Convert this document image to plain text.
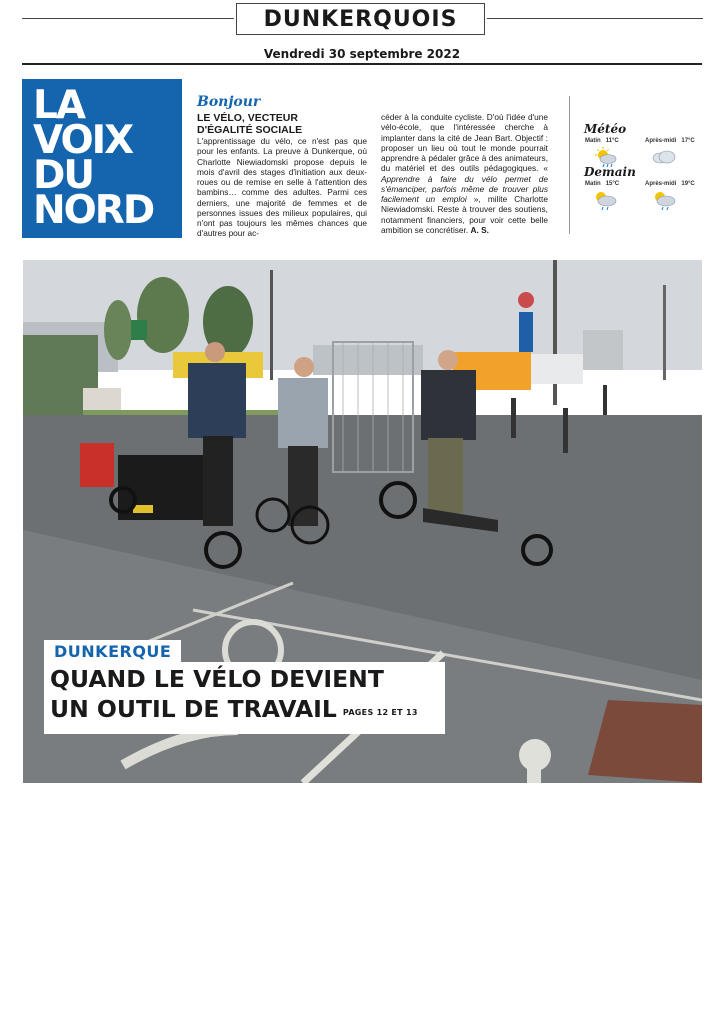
DUNKERQUOIS
Vendredi 30 septembre 2022
LA
VOIX
DU
NORD
Bonjour
LE VÉLO, VECTEUR
D'ÉGALITÉ SOCIALE
L'apprentissage du vélo, ce n'est pas que pour les enfants. La preuve à Dunkerque, où Charlotte Niewiadomski propose depuis le mois d'avril des stages d'initiation aux deux-roues ou de remise en selle à l'attention des bambins… comme des adultes. Parmi ces derniers, une majorité de femmes et de personnes issues des milieux populaires, qui n'ont pas toujours les mêmes chances que d'autres pour ac-
céder à la conduite cycliste. D'où l'idée d'une vélo-école, que l'intéressée cherche à implanter dans la cité de Jean Bart. Objectif : proposer un lieu où tout le monde pourrait apprendre à pédaler grâce à des animateurs, du matériel et des outils pédagogiques. « Apprendre à faire du vélo permet de s'émanciper, parfois même de trouver plus facilement un emploi », milite Charlotte Niewiadomski. Reste à trouver des soutiens, notamment financiers, pour voir cette belle ambition se concrétiser. A. S.
Météo
Matin 11°C	Après-midi 17°C
Demain
Matin 15°C	Après-midi 19°C
DUNKERQUE
QUAND LE VÉLO DEVIENT
UN OUTIL DE TRAVAIL PAGES 12 ET 13
